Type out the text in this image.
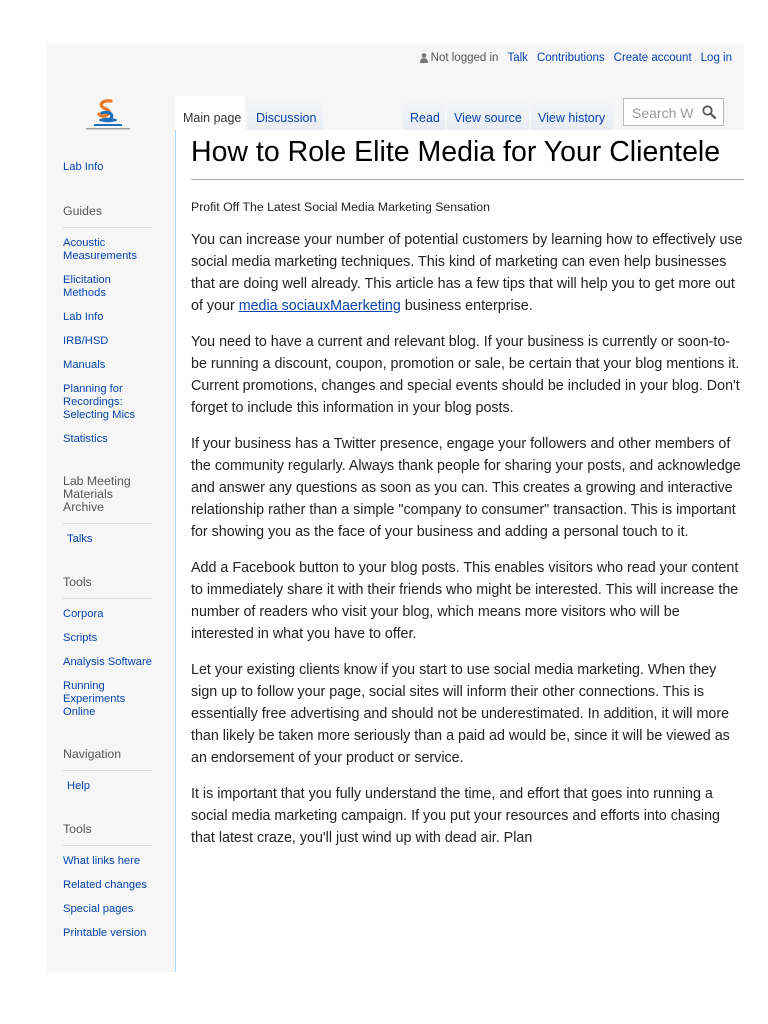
Not logged in Talk Contributions Create account Log in
Lab Info
Guides
Acoustic Measurements
Elicitation Methods
Lab Info
IRB/HSD
Manuals
Planning for Recordings: Selecting Mics
Statistics
Lab Meeting Materials Archive
Talks
Tools
Corpora
Scripts
Analysis Software
Running Experiments Online
Navigation
Help
Tools
What links here
Related changes
Special pages
Printable version
Main page	Discussion	Read	View source	View history	Search W
How to Role Elite Media for Your Clientele

Profit Off The Latest Social Media Marketing Sensation

You can increase your number of potential customers by learning how to effectively use social media marketing techniques. This kind of marketing can even help businesses that are doing well already. This article has a few tips that will help you to get more out of your media sociauxMaerketing business enterprise.

You need to have a current and relevant blog. If your business is currently or soon-to-be running a discount, coupon, promotion or sale, be certain that your blog mentions it. Current promotions, changes and special events should be included in your blog. Don't forget to include this information in your blog posts.

If your business has a Twitter presence, engage your followers and other members of the community regularly. Always thank people for sharing your posts, and acknowledge and answer any questions as soon as you can. This creates a growing and interactive relationship rather than a simple "company to consumer" transaction. This is important for showing you as the face of your business and adding a personal touch to it.

Add a Facebook button to your blog posts. This enables visitors who read your content to immediately share it with their friends who might be interested. This will increase the number of readers who visit your blog, which means more visitors who will be interested in what you have to offer.

Let your existing clients know if you start to use social media marketing. When they sign up to follow your page, social sites will inform their other connections. This is essentially free advertising and should not be underestimated. In addition, it will more than likely be taken more seriously than a paid ad would be, since it will be viewed as an endorsement of your product or service.

It is important that you fully understand the time, and effort that goes into running a social media marketing campaign. If you put your resources and efforts into chasing that latest craze, you'll just wind up with dead air. Plan
